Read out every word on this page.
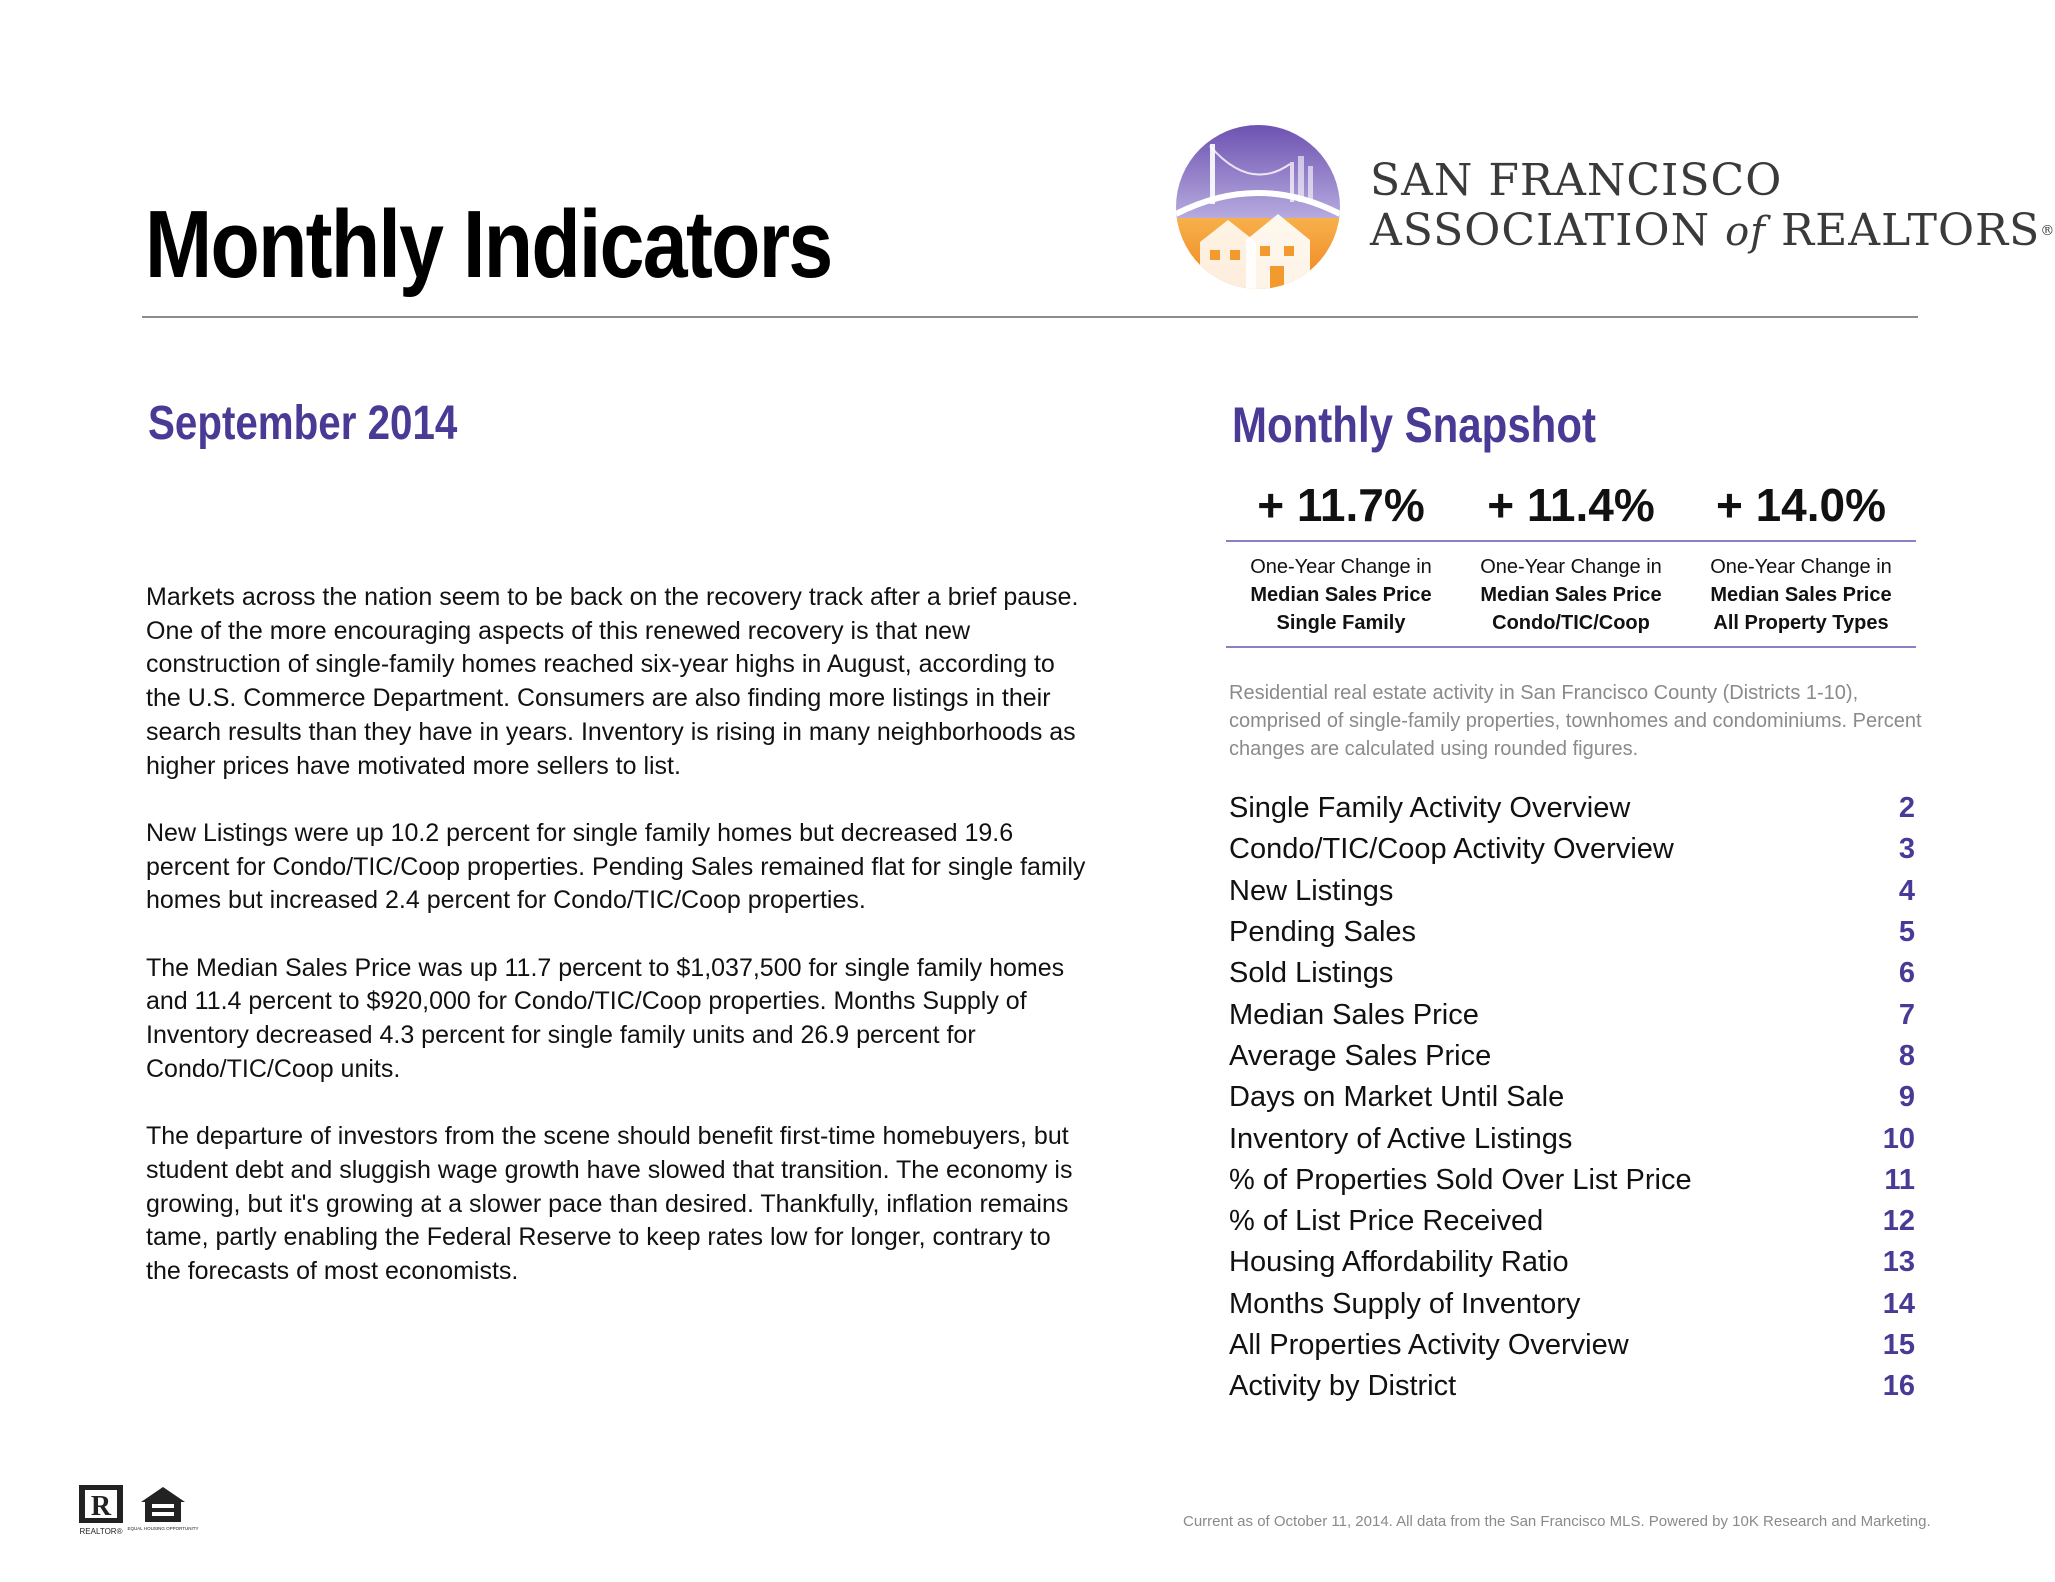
Monthly Indicators
SAN FRANCISCO
ASSOCIATION of REALTORS®
September 2014

Markets across the nation seem to be back on the recovery track after a brief pause. One of the more encouraging aspects of this renewed recovery is that new construction of single-family homes reached six-year highs in August, according to the U.S. Commerce Department. Consumers are also finding more listings in their search results than they have in years. Inventory is rising in many neighborhoods as higher prices have motivated more sellers to list.

New Listings were up 10.2 percent for single family homes but decreased 19.6 percent for Condo/TIC/Coop properties. Pending Sales remained flat for single family homes but increased 2.4 percent for Condo/TIC/Coop properties.

The Median Sales Price was up 11.7 percent to $1,037,500 for single family homes and 11.4 percent to $920,000 for Condo/TIC/Coop properties. Months Supply of Inventory decreased 4.3 percent for single family units and 26.9 percent for Condo/TIC/Coop units.

The departure of investors from the scene should benefit first-time homebuyers, but student debt and sluggish wage growth have slowed that transition. The economy is growing, but it's growing at a slower pace than desired. Thankfully, inflation remains tame, partly enabling the Federal Reserve to keep rates low for longer, contrary to the forecasts of most economists.

Monthly Snapshot
+ 11.7%	+ 11.4%	+ 14.0%
One-Year Change in
Median Sales Price
Single Family
One-Year Change in
Median Sales Price
Condo/TIC/Coop
One-Year Change in
Median Sales Price
All Property Types
Residential real estate activity in San Francisco County (Districts 1-10), comprised of single-family properties, townhomes and condominiums. Percent changes are calculated using rounded figures.
Single Family Activity Overview	2
Condo/TIC/Coop Activity Overview	3
New Listings	4
Pending Sales	5
Sold Listings	6
Median Sales Price	7
Average Sales Price	8
Days on Market Until Sale	9
Inventory of Active Listings	10
% of Properties Sold Over List Price	11
% of List Price Received	12
Housing Affordability Ratio	13
Months Supply of Inventory	14
All Properties Activity Overview	15
Activity by District	16
R
REALTOR® EQUAL HOUSING OPPORTUNITY	Current as of October 11, 2014. All data from the San Francisco MLS. Powered by 10K Research and Marketing.
